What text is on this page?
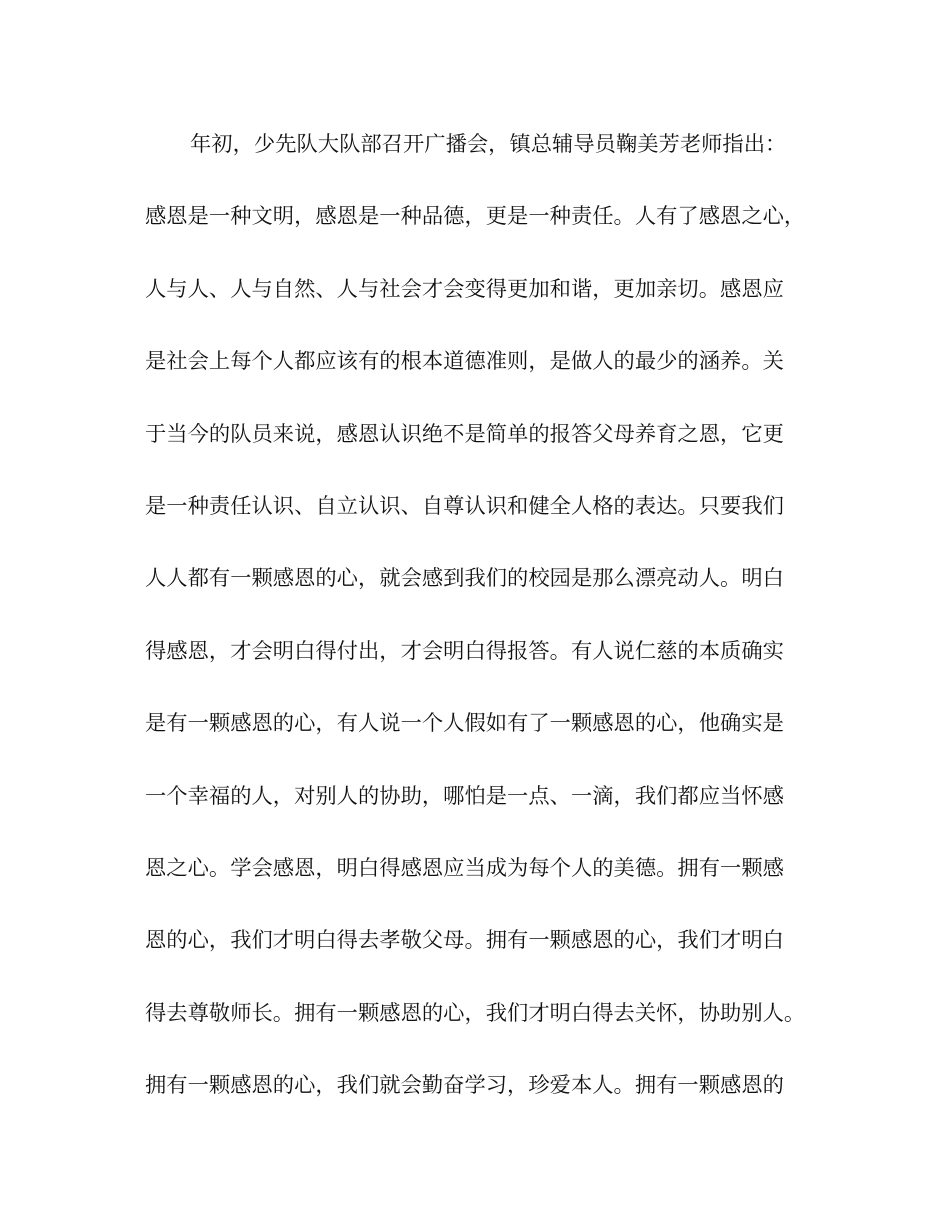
年初，少先队大队部召开广播会，镇总辅导员鞠美芳老师指出：
感恩是一种文明，感恩是一种品德，更是一种责任。人有了感恩之心，
人与人、人与自然、人与社会才会变得更加和谐，更加亲切。感恩应
是社会上每个人都应该有的根本道德准则，是做人的最少的涵养。关
于当今的队员来说，感恩认识绝不是简单的报答父母养育之恩，它更
是一种责任认识、自立认识、自尊认识和健全人格的表达。只要我们
人人都有一颗感恩的心，就会感到我们的校园是那么漂亮动人。明白
得感恩，才会明白得付出，才会明白得报答。有人说仁慈的本质确实
是有一颗感恩的心，有人说一个人假如有了一颗感恩的心，他确实是
一个幸福的人，对别人的协助，哪怕是一点、一滴，我们都应当怀感
恩之心。学会感恩，明白得感恩应当成为每个人的美德。拥有一颗感
恩的心，我们才明白得去孝敬父母。拥有一颗感恩的心，我们才明白
得去尊敬师长。拥有一颗感恩的心，我们才明白得去关怀，协助别人。
拥有一颗感恩的心，我们就会勤奋学习，珍爱本人。拥有一颗感恩的
